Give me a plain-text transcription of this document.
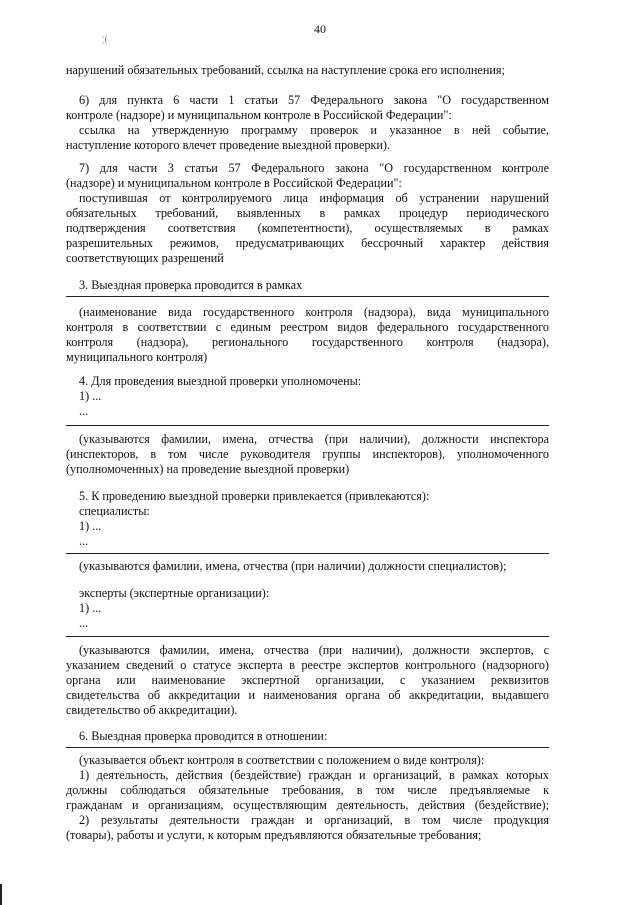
40
¦(
нарушений обязательных требований, ссылка на наступление срока его исполнения;
6) для пункта 6 части 1 статьи 57 Федерального закона "О государственном
контроле (надзоре) и муниципальном контроле в Российской Федерации":
ссылка на утвержденную программу проверок и указанное в ней событие,
наступление которого влечет проведение выездной проверки).
7) для части 3 статьи 57 Федерального закона "О государственном контроле
(надзоре) и муниципальном контроле в Российской Федерации":
поступившая от контролируемого лица информация об устранении нарушений
обязательных требований, выявленных в рамках процедур периодического
подтверждения соответствия (компетентности), осуществляемых в рамках
разрешительных режимов, предусматривающих бессрочный характер действия
соответствующих разрешений
3. Выездная проверка проводится в рамках
(наименование вида государственного контроля (надзора), вида муниципального
контроля в соответствии с единым реестром видов федерального государственного
контроля (надзора), регионального государственного контроля (надзора),
муниципального контроля)
4. Для проведения выездной проверки уполномочены:
1) ...
...
(указываются фамилии, имена, отчества (при наличии), должности инспектора
(инспекторов, в том числе руководителя группы инспекторов), уполномоченного
(уполномоченных) на проведение выездной проверки)
5. К проведению выездной проверки привлекается (привлекаются):
специалисты:
1) ...
...
(указываются фамилии, имена, отчества (при наличии) должности специалистов);
эксперты (экспертные организации):
1) ...
...
(указываются фамилии, имена, отчества (при наличии), должности экспертов, с
указанием сведений о статусе эксперта в реестре экспертов контрольного (надзорного)
органа или наименование экспертной организации, с указанием реквизитов
свидетельства об аккредитации и наименования органа об аккредитации, выдавшего
свидетельство об аккредитации).
6. Выездная проверка проводится в отношении:
(указывается объект контроля в соответствии с положением о виде контроля):
1) деятельность, действия (бездействие) граждан и организаций, в рамках которых
должны соблюдаться обязательные требования, в том числе предъявляемые к
гражданам и организациям, осуществляющим деятельность, действия (бездействие);
2) результаты деятельности граждан и организаций, в том числе продукция
(товары), работы и услуги, к которым предъявляются обязательные требования;
